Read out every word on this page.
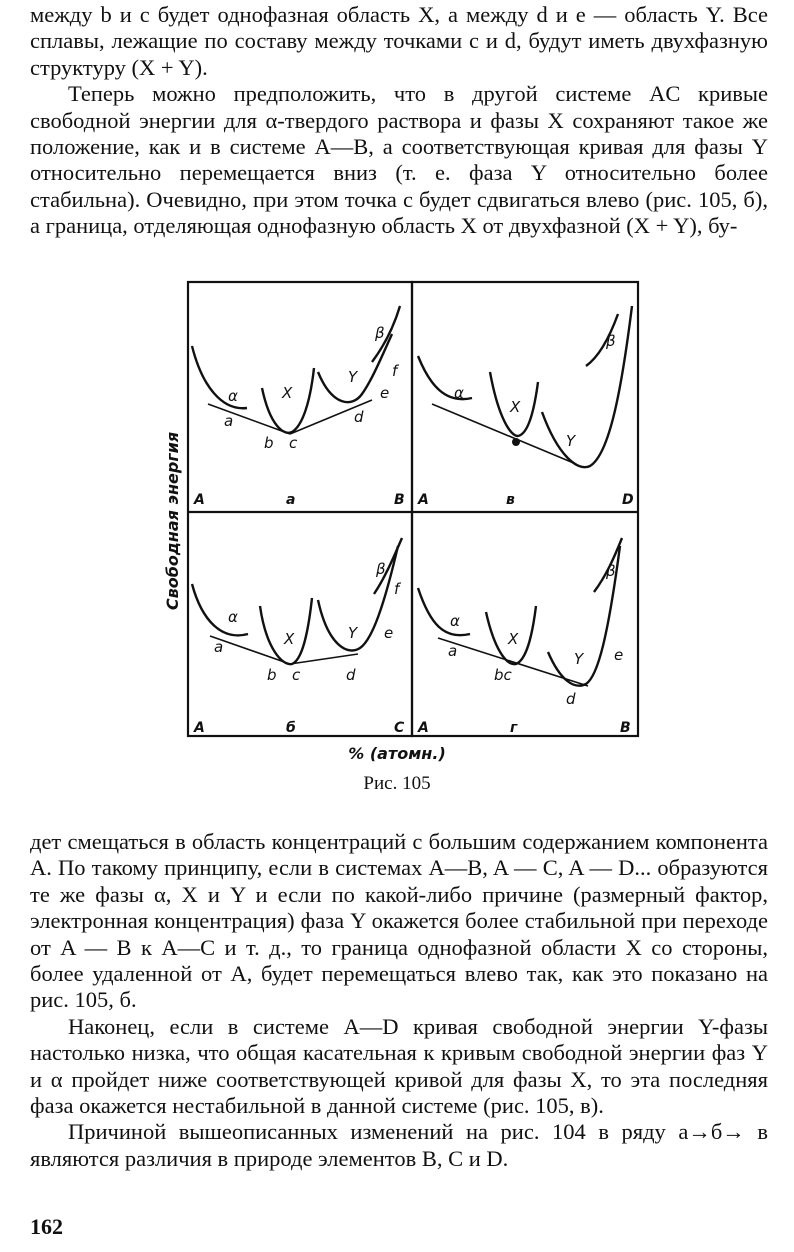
между b и c будет однофазная область X, а между d и e — область Y. Все сплавы, лежащие по составу между точками c и d, будут иметь двухфазную структуру (X + Y).

Теперь можно предположить, что в другой системе AC кривые свободной энергии для α-твердого раствора и фазы X сохраняют такое же положение, как и в системе A—B, а соответствующая кривая для фазы Y относительно перемещается вниз (т. е. фаза Y относительно более стабильна). Очевидно, при этом точка c будет сдвигаться влево (рис. 105, б), а граница, отделяющая однофазную область X от двухфазной (X + Y), бу-

Свободная энергия
α	X
Y
β
a
b c
d
e
f
A	а	B
α
X	Y
β
a
b c	d
e
f
A	б	C
α
X
Y
β
A	в	D
α
X
Y
β
a
bc
d
e
A	г	B
% (атомн.)
Рис. 105

дет смещаться в область концентраций с большим содержанием компонента A. По такому принципу, если в системах A—B, A — C, A — D... образуются те же фазы α, X и Y и если по какой-либо причине (размерный фактор, электронная концентрация) фаза Y окажется более стабильной при переходе от A — B к A—C и т. д., то граница однофазной области X со стороны, более удаленной от A, будет перемещаться влево так, как это показано на рис. 105, б.

Наконец, если в системе A—D кривая свободной энергии Y-фазы настолько низка, что общая касательная к кривым свободной энергии фаз Y и α пройдет ниже соответствующей кривой для фазы X, то эта последняя фаза окажется нестабильной в данной системе (рис. 105, в).

Причиной вышеописанных изменений на рис. 104 в ряду а→б→ в являются различия в природе элементов B, C и D.

162
